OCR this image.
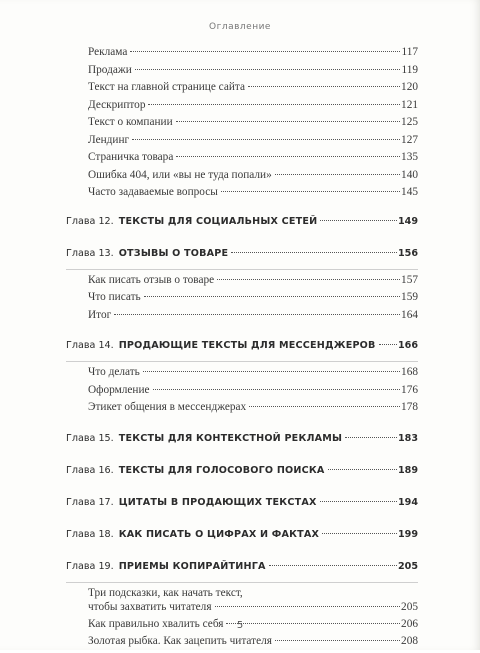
Оглавление
Реклама	117
Продажи	119
Текст на главной странице сайта	120
Дескриптор	121
Текст о компании	125
Лендинг	127
Страничка товара	135
Ошибка 404, или «вы не туда попали»	140
Часто задаваемые вопросы	145
Глава 12. ТЕКСТЫ ДЛЯ СОЦИАЛЬНЫХ СЕТЕЙ	149
Глава 13. ОТЗЫВЫ О ТОВАРЕ	156
Как писать отзыв о товаре	157
Что писать	159
Итог	164
Глава 14. ПРОДАЮЩИЕ ТЕКСТЫ ДЛЯ МЕССЕНДЖЕРОВ 166
Что делать	168
Оформление	176
Этикет общения в мессенджерах	178
Глава 15. ТЕКСТЫ ДЛЯ КОНТЕКСТНОЙ РЕКЛАМЫ	183
Глава 16. ТЕКСТЫ ДЛЯ ГОЛОСОВОГО ПОИСКА	189
Глава 17. ЦИТАТЫ В ПРОДАЮЩИХ ТЕКСТАХ	194
Глава 18. КАК ПИСАТЬ О ЦИФРАХ И ФАКТАХ	199
Глава 19. ПРИЕМЫ КОПИРАЙТИНГА	205
Три подсказки, как начать текст,
чтобы захватить читателя	205
Как правильно хвалить себя	206
Золотая рыбка. Как зацепить читателя	208
5
